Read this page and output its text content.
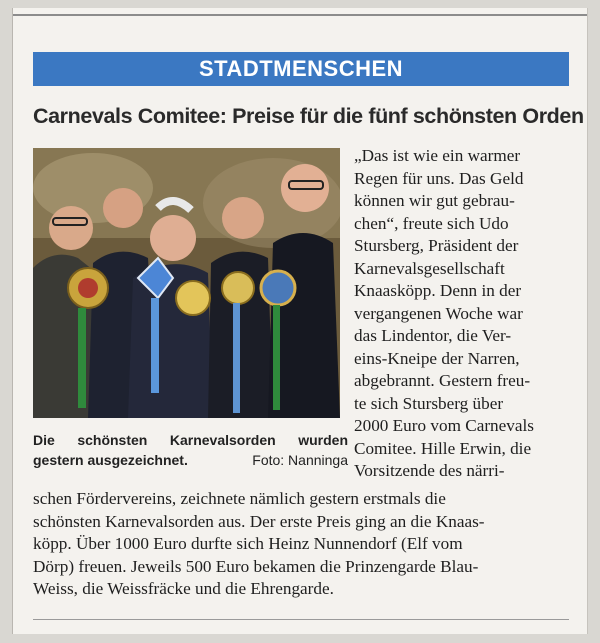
STADTMENSCHEN
Carnevals Comitee: Preise für die fünf schönsten Orden
Die schönsten Karnevalsorden wurden
gestern ausgezeichnet.	Foto: Nanninga
„Das ist wie ein warmer
Regen für uns. Das Geld
können wir gut gebrau-
chen“, freute sich Udo
Stursberg, Präsident der
Karnevalsgesellschaft
Knaasköpp. Denn in der
vergangenen Woche war
das Lindentor, die Ver-
eins-Kneipe der Narren,
abgebrannt. Gestern freu-
te sich Stursberg über
2000 Euro vom Carnevals
Comitee. Hille Erwin, die
Vorsitzende des närri-
schen Fördervereins, zeichnete nämlich gestern erstmals die
schönsten Karnevalsorden aus. Der erste Preis ging an die Knaas-
köpp. Über 1000 Euro durfte sich Heinz Nunnendorf (Elf vom
Dörp) freuen. Jeweils 500 Euro bekamen die Prinzengarde Blau-
Weiss, die Weissfräcke und die Ehrengarde.
